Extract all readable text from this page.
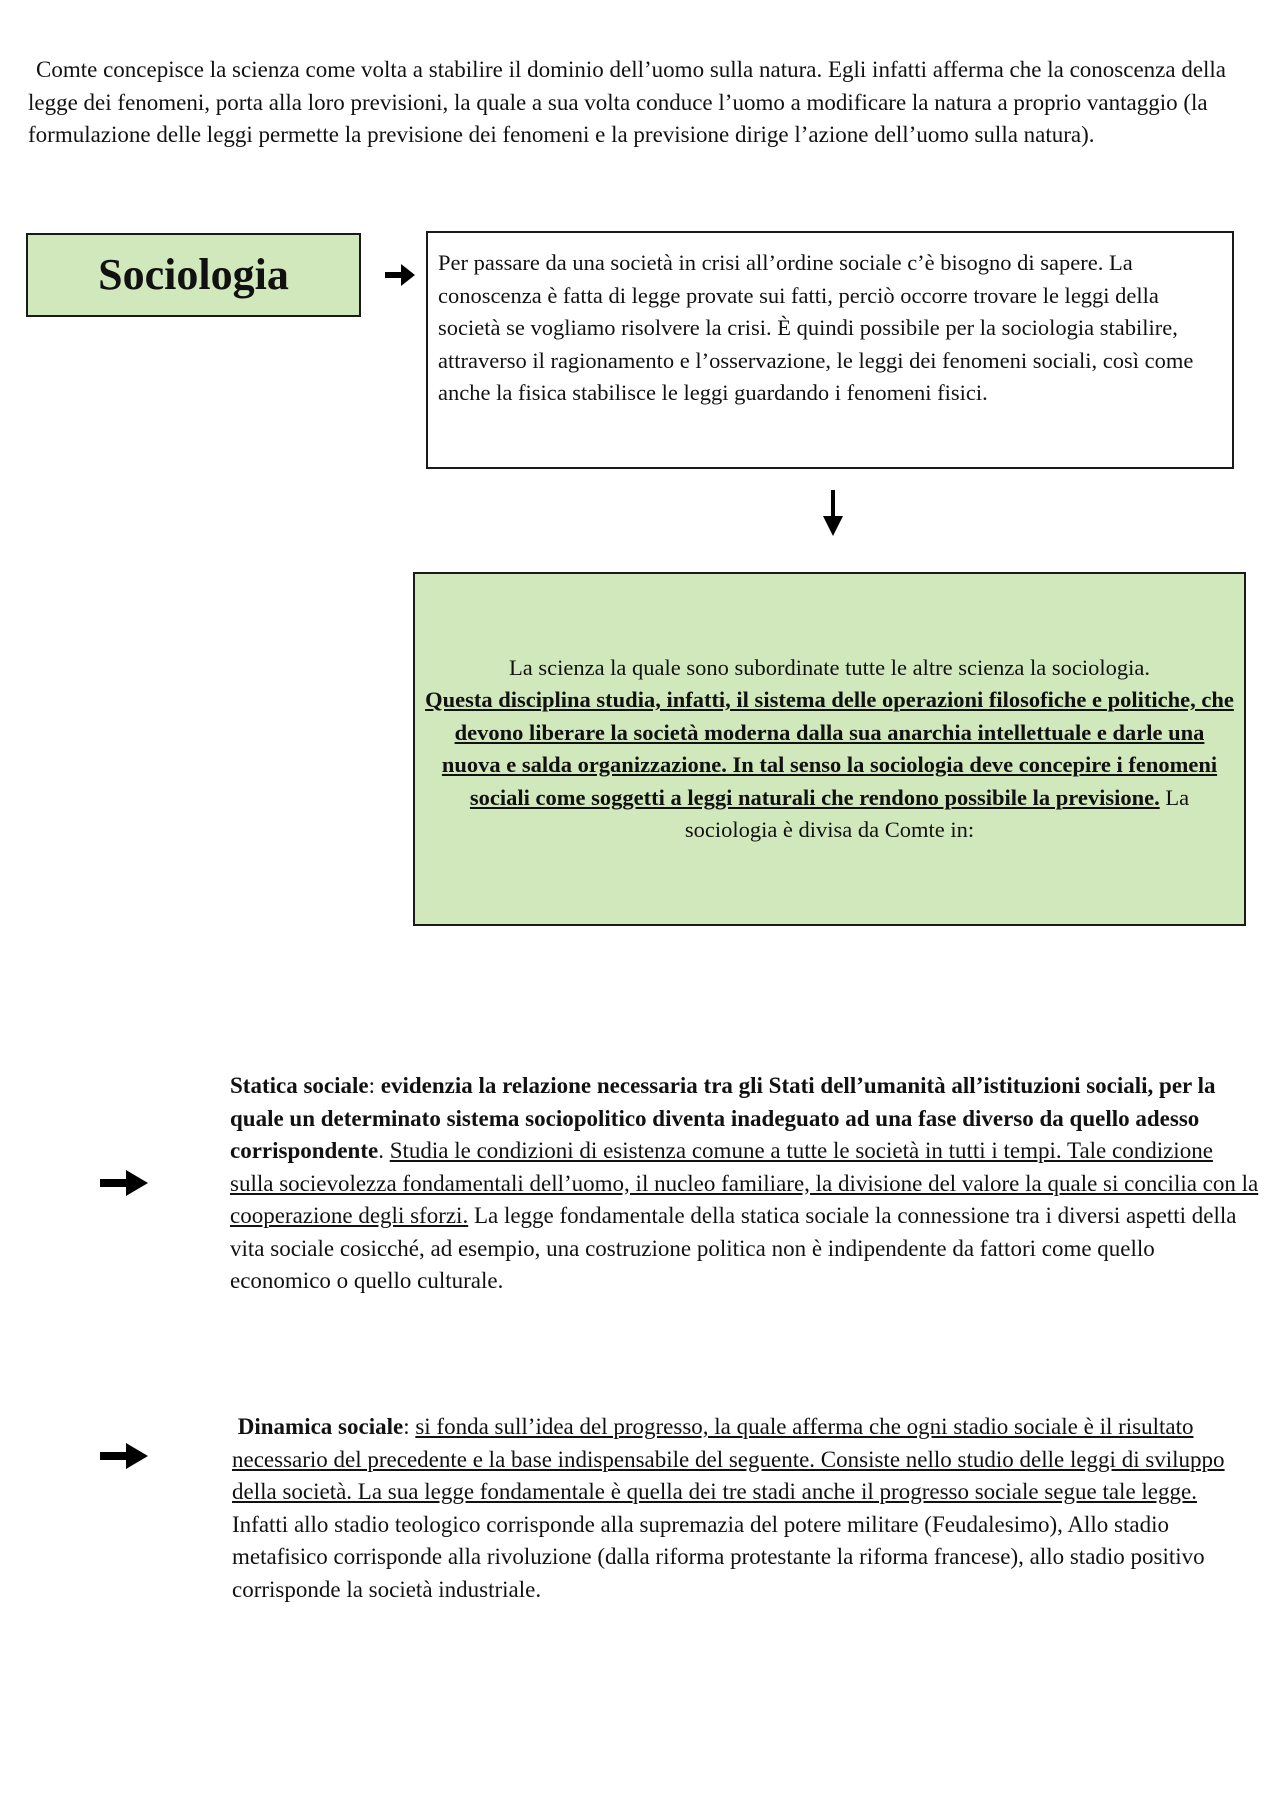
Comte concepisce la scienza come volta a stabilire il dominio dell’uomo sulla natura. Egli infatti afferma che la conoscenza della legge dei fenomeni, porta alla loro previsioni, la quale a sua volta conduce l’uomo a modificare la natura a proprio vantaggio (la formulazione delle leggi permette la previsione dei fenomeni e la previsione dirige l’azione dell’uomo sulla natura).

Sociologia	Per passare da una società in crisi all’ordine sociale c’è bisogno di sapere. La conoscenza è fatta di legge provate sui fatti, perciò occorre trovare le leggi della società se vogliamo risolvere la crisi. È quindi possibile per la sociologia stabilire, attraverso il ragionamento e l’osservazione, le leggi dei fenomeni sociali, così come anche la fisica stabilisce le leggi guardando i fenomeni fisici.

La scienza la quale sono subordinate tutte le altre scienza la sociologia.
Questa disciplina studia, infatti, il sistema delle operazioni filosofiche e politiche, che devono liberare la società moderna dalla sua anarchia intellettuale e darle una nuova e salda organizzazione. In tal senso la sociologia deve concepire i fenomeni sociali come soggetti a leggi naturali che rendono possibile la previsione. La sociologia è divisa da Comte in:

Statica sociale: evidenzia la relazione necessaria tra gli Stati dell’umanità all’istituzioni sociali, per la quale un determinato sistema sociopolitico diventa inadeguato ad una fase diverso da quello adesso corrispondente. Studia le condizioni di esistenza comune a tutte le società in tutti i tempi. Tale condizione sulla socievolezza fondamentali dell’uomo, il nucleo familiare, la divisione del valore la quale si concilia con la cooperazione degli sforzi. La legge fondamentale della statica sociale la connessione tra i diversi aspetti della vita sociale cosicché, ad esempio, una costruzione politica non è indipendente da fattori come quello economico o quello culturale.

Dinamica sociale: si fonda sull’idea del progresso, la quale afferma che ogni stadio sociale è il risultato necessario del precedente e la base indispensabile del seguente. Consiste nello studio delle leggi di sviluppo della società. La sua legge fondamentale è quella dei tre stadi anche il progresso sociale segue tale legge.
Infatti allo stadio teologico corrisponde alla supremazia del potere militare (Feudalesimo), Allo stadio metafisico corrisponde alla rivoluzione (dalla riforma protestante la riforma francese), allo stadio positivo corrisponde la società industriale.
